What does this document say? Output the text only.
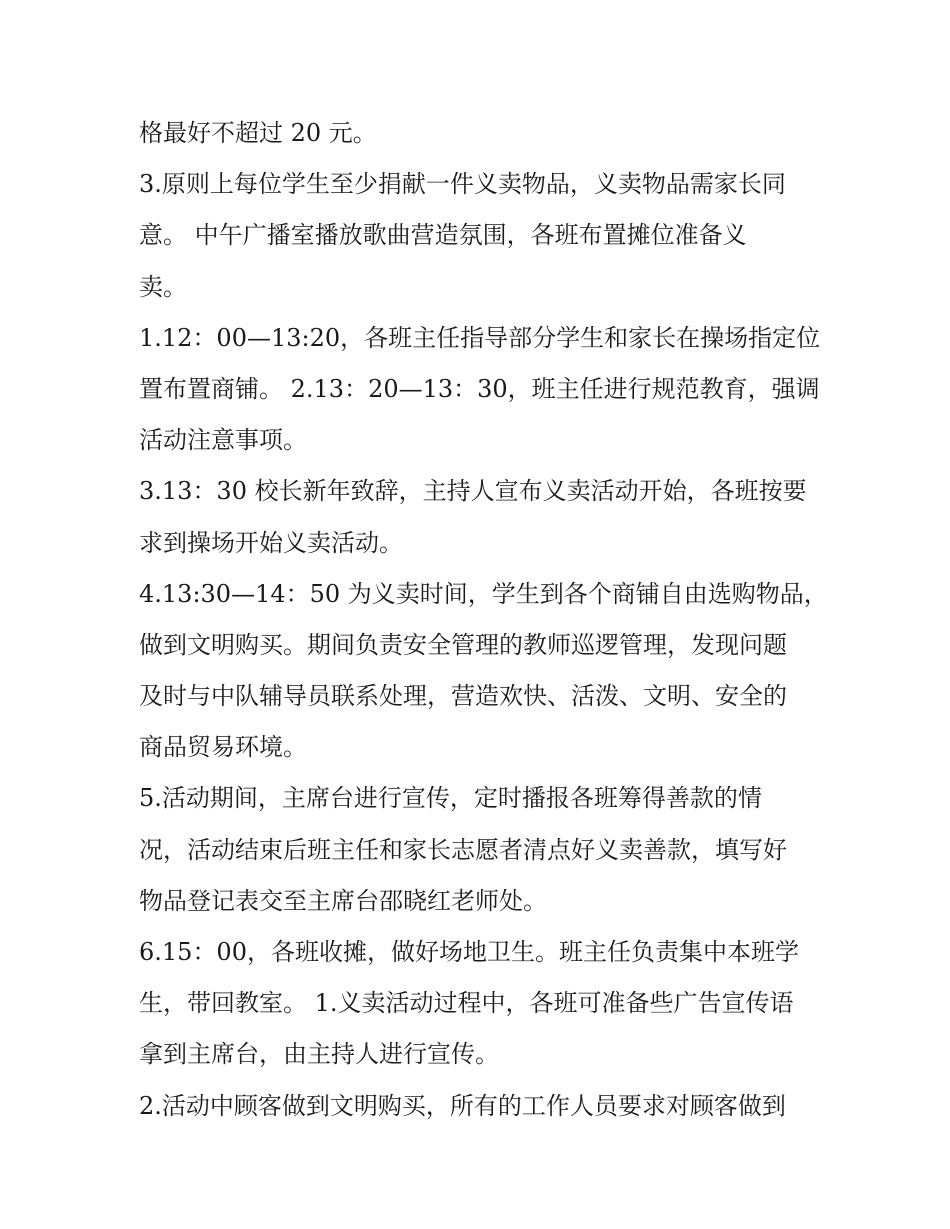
格最好不超过 20 元。
3.原则上每位学生至少捐献一件义卖物品，义卖物品需家长同
意。 中午广播室播放歌曲营造氛围，各班布置摊位准备义
卖。
1.12：00—13:20，各班主任指导部分学生和家长在操场指定位
置布置商铺。 2.13：20—13：30，班主任进行规范教育，强调
活动注意事项。
3.13：30 校长新年致辞，主持人宣布义卖活动开始，各班按要
求到操场开始义卖活动。
4.13:30—14：50 为义卖时间，学生到各个商铺自由选购物品，
做到文明购买。期间负责安全管理的教师巡逻管理，发现问题
及时与中队辅导员联系处理，营造欢快、活泼、文明、安全的
商品贸易环境。
5.活动期间，主席台进行宣传，定时播报各班筹得善款的情
况，活动结束后班主任和家长志愿者清点好义卖善款，填写好
物品登记表交至主席台邵晓红老师处。
6.15：00，各班收摊，做好场地卫生。班主任负责集中本班学
生，带回教室。 1.义卖活动过程中，各班可准备些广告宣传语
拿到主席台，由主持人进行宣传。
2.活动中顾客做到文明购买，所有的工作人员要求对顾客做到
